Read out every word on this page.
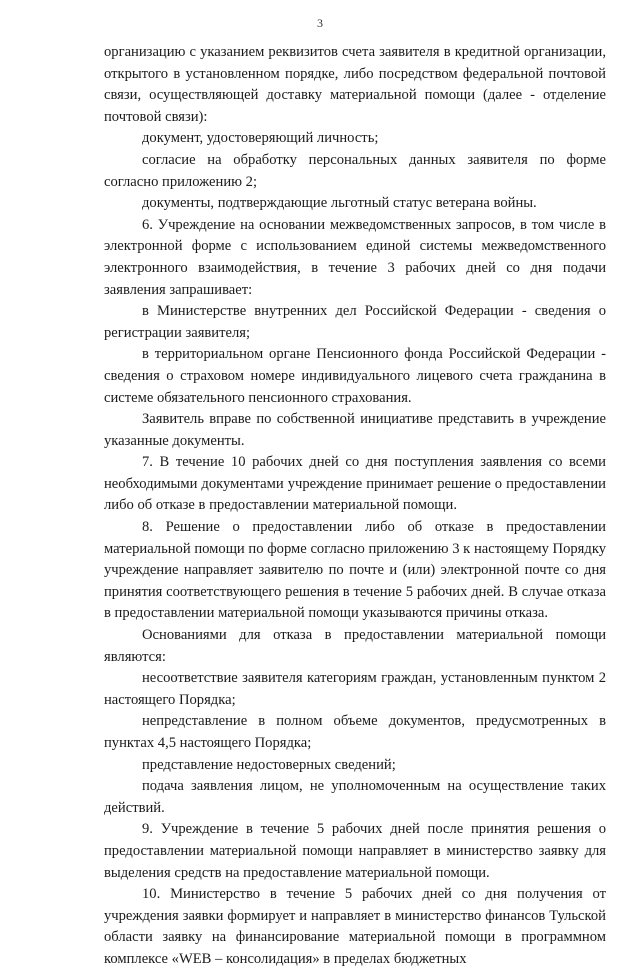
3

организацию с указанием реквизитов счета заявителя в кредитной организации, открытого в установленном порядке, либо посредством федеральной почтовой связи, осуществляющей доставку материальной помощи (далее - отделение почтовой связи):

документ, удостоверяющий личность;

согласие на обработку персональных данных заявителя по форме согласно приложению 2;

документы, подтверждающие льготный статус ветерана войны.

6. Учреждение на основании межведомственных запросов, в том числе в электронной форме с использованием единой системы межведомственного электронного взаимодействия, в течение 3 рабочих дней со дня подачи заявления запрашивает:

в Министерстве внутренних дел Российской Федерации - сведения о регистрации заявителя;

в территориальном органе Пенсионного фонда Российской Федерации - сведения о страховом номере индивидуального лицевого счета гражданина в системе обязательного пенсионного страхования.

Заявитель вправе по собственной инициативе представить в учреждение указанные документы.

7. В течение 10 рабочих дней со дня поступления заявления со всеми необходимыми документами учреждение принимает решение о предоставлении либо об отказе в предоставлении материальной помощи.

8. Решение о предоставлении либо об отказе в предоставлении материальной помощи по форме согласно приложению 3 к настоящему Порядку учреждение направляет заявителю по почте и (или) электронной почте со дня принятия соответствующего решения в течение 5 рабочих дней. В случае отказа в предоставлении материальной помощи указываются причины отказа.

Основаниями для отказа в предоставлении материальной помощи являются:

несоответствие заявителя категориям граждан, установленным пунктом 2 настоящего Порядка;

непредставление в полном объеме документов, предусмотренных в пунктах 4,5 настоящего Порядка;

представление недостоверных сведений;

подача заявления лицом, не уполномоченным на осуществление таких действий.

9. Учреждение в течение 5 рабочих дней после принятия решения о предоставлении материальной помощи направляет в министерство заявку для выделения средств на предоставление материальной помощи.

10. Министерство в течение 5 рабочих дней со дня получения от учреждения заявки формирует и направляет в министерство финансов Тульской области заявку на финансирование материальной помощи в программном комплексе «WEB – консолидация» в пределах бюджетных
